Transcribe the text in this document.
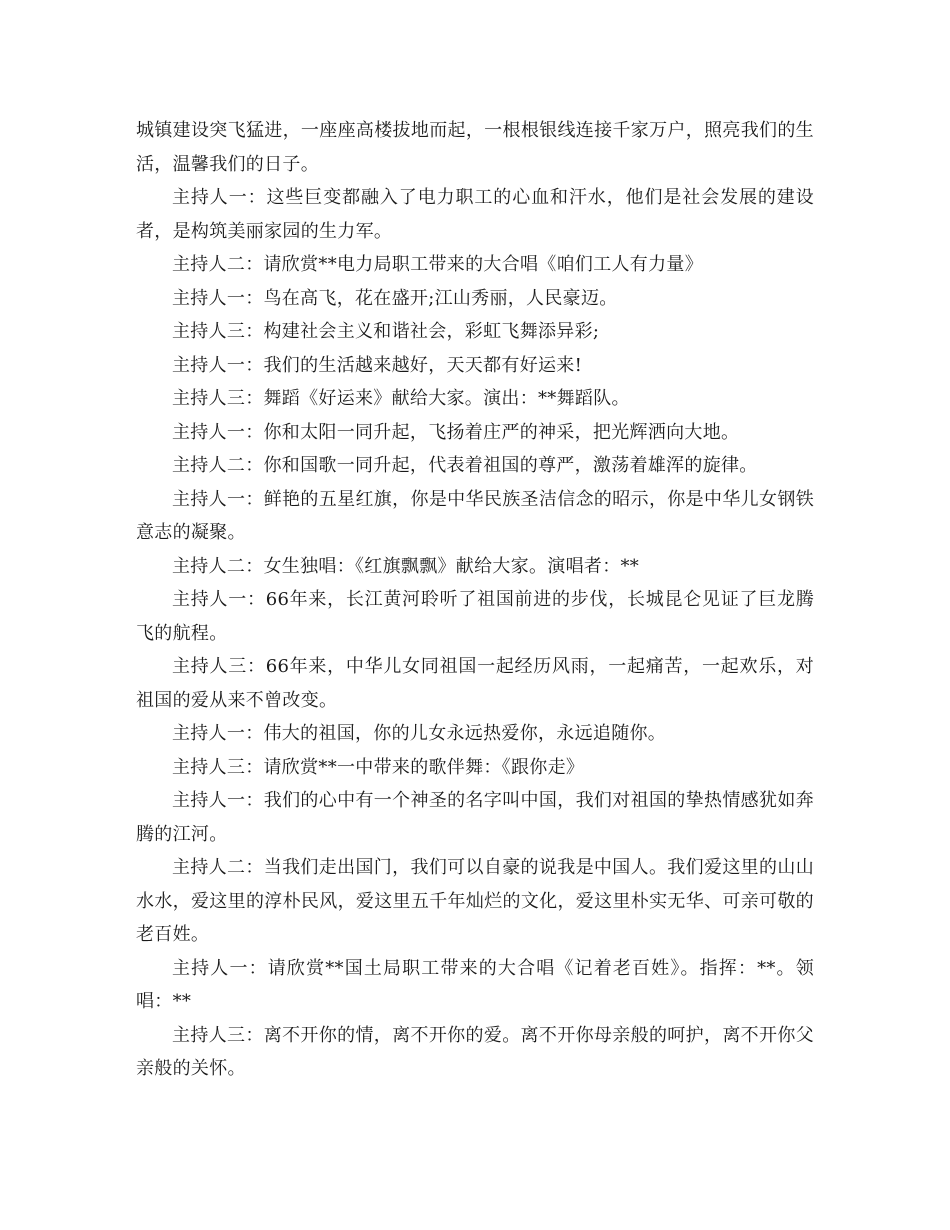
城镇建设突飞猛进，一座座高楼拔地而起，一根根银线连接千家万户，照亮我们的生活，温馨我们的日子。

主持人一：这些巨变都融入了电力职工的心血和汗水，他们是社会发展的建设者，是构筑美丽家园的生力军。

主持人二：请欣赏**电力局职工带来的大合唱《咱们工人有力量》

主持人一：鸟在高飞，花在盛开;江山秀丽，人民豪迈。

主持人三：构建社会主义和谐社会，彩虹飞舞添异彩;

主持人一：我们的生活越来越好，天天都有好运来!

主持人三：舞蹈《好运来》献给大家。演出：**舞蹈队。

主持人一：你和太阳一同升起，飞扬着庄严的神采，把光辉洒向大地。

主持人二：你和国歌一同升起，代表着祖国的尊严，激荡着雄浑的旋律。

主持人一：鲜艳的五星红旗，你是中华民族圣洁信念的昭示，你是中华儿女钢铁意志的凝聚。

主持人二：女生独唱：《红旗飘飘》献给大家。演唱者：**

主持人一：66年来，长江黄河聆听了祖国前进的步伐，长城昆仑见证了巨龙腾飞的航程。

主持人三：66年来，中华儿女同祖国一起经历风雨，一起痛苦，一起欢乐，对祖国的爱从来不曾改变。

主持人一：伟大的祖国，你的儿女永远热爱你，永远追随你。

主持人三：请欣赏**一中带来的歌伴舞：《跟你走》

主持人一：我们的心中有一个神圣的名字叫中国，我们对祖国的挚热情感犹如奔腾的江河。

主持人二：当我们走出国门，我们可以自豪的说我是中国人。我们爱这里的山山水水，爱这里的淳朴民风，爱这里五千年灿烂的文化，爱这里朴实无华、可亲可敬的老百姓。

主持人一：请欣赏**国土局职工带来的大合唱《记着老百姓》。指挥：**。领唱：**

主持人三：离不开你的情，离不开你的爱。离不开你母亲般的呵护，离不开你父亲般的关怀。
